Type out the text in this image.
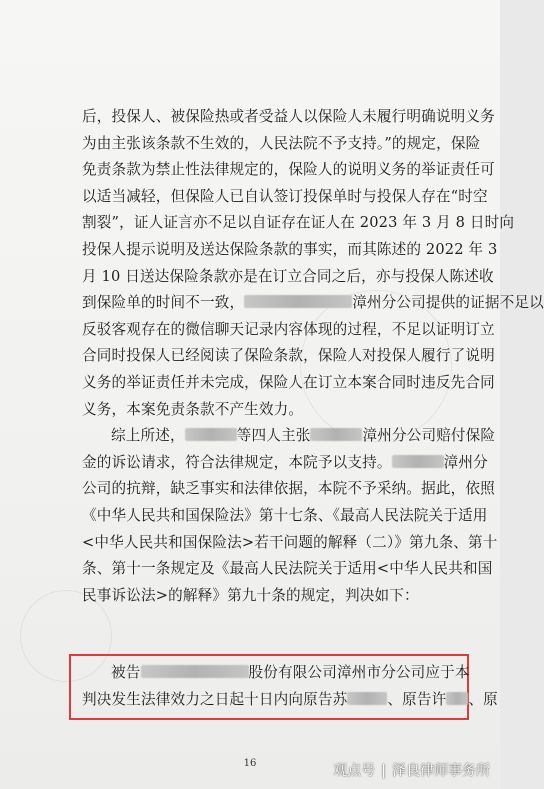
后，投保人、被保险热或者受益人以保险人未履行明确说明义务
为由主张该条款不生效的，人民法院不予支持。”的规定，保险
免责条款为禁止性法律规定的，保险人的说明义务的举证责任可
以适当减轻，但保险人已自认签订投保单时与投保人存在“时空
割裂”，证人证言亦不足以自证存在证人在 2023 年 3 月 8 日时向
投保人提示说明及送达保险条款的事实，而其陈述的 2022 年 3
月 10 日送达保险条款亦是在订立合同之后，亦与投保人陈述收
到保险单的时间不一致，	漳州分公司提供的证据不足以
反驳客观存在的微信聊天记录内容体现的过程，不足以证明订立
合同时投保人已经阅读了保险条款，保险人对投保人履行了说明
义务的举证责任并未完成，保险人在订立本案合同时违反先合同
义务，本案免责条款不产生效力。
综上所述，	等四人主张	漳州分公司赔付保险
金的诉讼请求，符合法律规定，本院予以支持。	漳州分
公司的抗辩，缺乏事实和法律依据，本院不予采纳。据此，依照
《中华人民共和国保险法》第十七条、《最高人民法院关于适用
<中华人民共和国保险法>若干问题的解释（二）》第九条、第十
条、第十一条规定及《最高人民法院关于适用<中华人民共和国
民事诉讼法>的解释》第九十条的规定，判决如下：
被告	股份有限公司漳州市分公司应于本
判决发生法律效力之日起十日内向原告苏	、原告许 、原
16	观点号 | 泽良律师事务所
